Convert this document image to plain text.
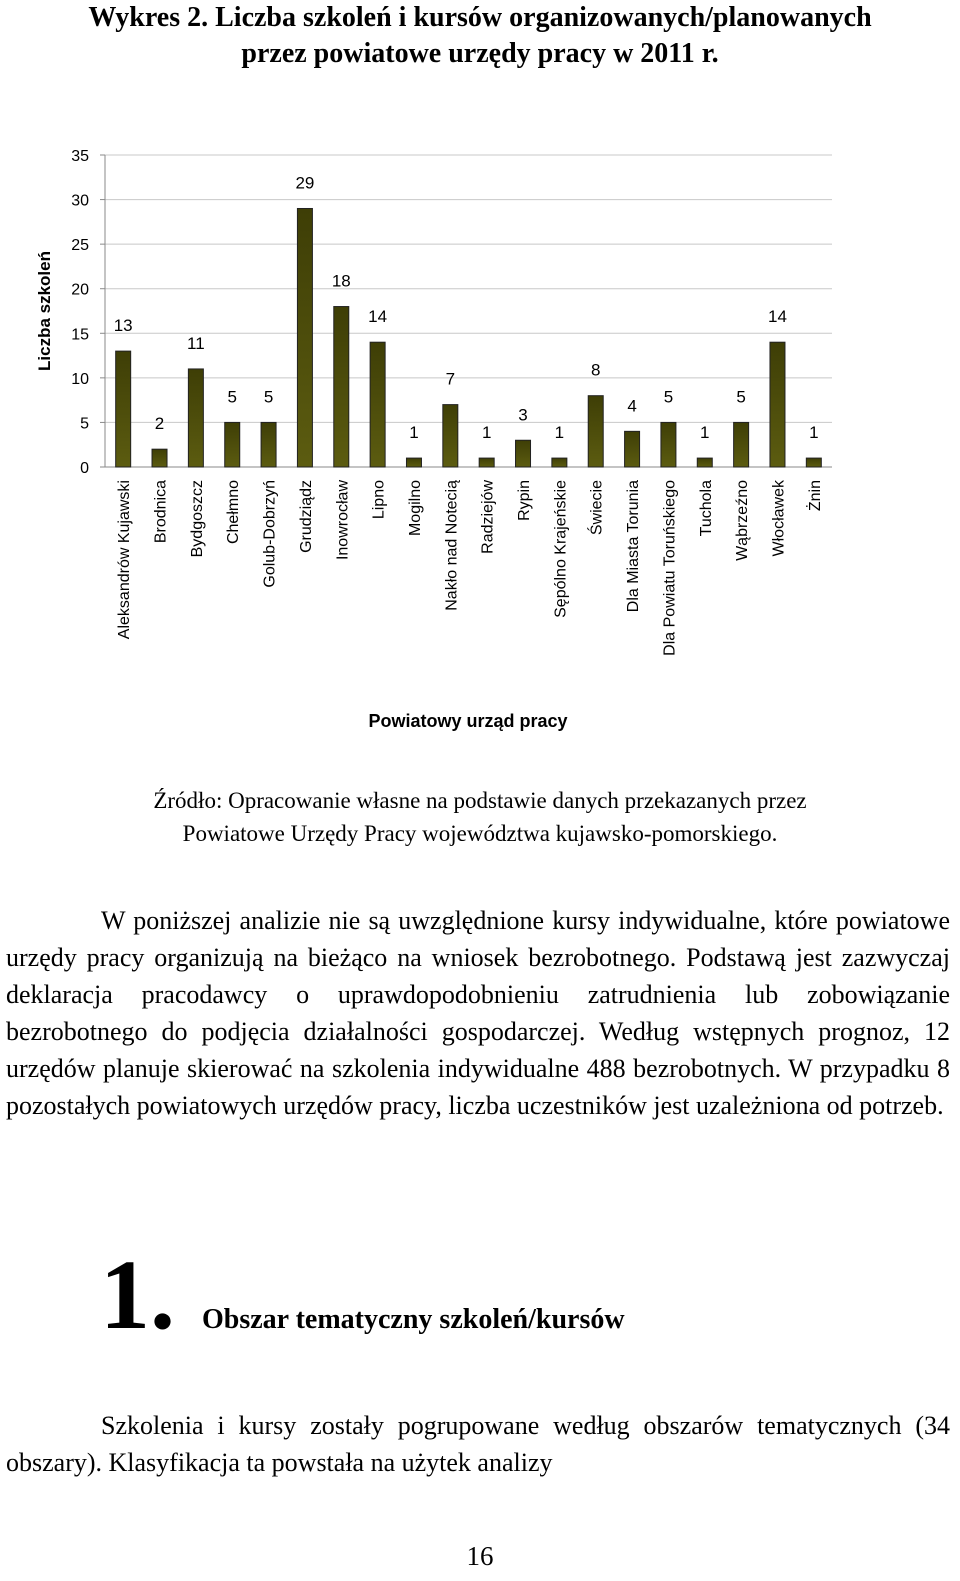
Wykres 2. Liczba szkoleń i kursów organizowanych/planowanych
przez powiatowe urzędy pracy w 2011 r.
0
5
10
15
20
25
30
35
13
2
11
5 5
29
18
14
1
7
1
3
1
8
4 5
1
5
14
1
Aleksandrów Kujawski Brodnica Bydgoszcz Chełmno Golub-Dobrzyń Grudziądz Inowrocław Lipno Mogilno Nakło nad Notecią Radziejów Rypin Sępólno Krajeńskie Świecie Dla Miasta Torunia Dla Powiatu Toruńskiego Tuchola Wąbrzeźno Włocławek Żnin
Liczba szkoleń
Powiatowy urząd pracy
Źródło: Opracowanie własne na podstawie danych przekazanych przez
Powiatowe Urzędy Pracy województwa kujawsko-pomorskiego.

W poniższej analizie nie są uwzględnione kursy indywidualne, które powiatowe urzędy pracy organizują na bieżąco na wniosek bezrobotnego. Podstawą jest zazwyczaj deklaracja pracodawcy o uprawdopodobnieniu zatrudnienia lub zobowiązanie bezrobotnego do podjęcia działalności gospodarczej. Według wstępnych prognoz, 12 urzędów planuje skierować na szkolenia indywidualne 488 bezrobotnych. W przypadku 8 pozostałych powiatowych urzędów pracy, liczba uczestników jest uzależniona od potrzeb.

1. Obszar tematyczny szkoleń/kursów

Szkolenia i kursy zostały pogrupowane według obszarów tematycznych (34 obszary). Klasyfikacja ta powstała na użytek analizy

16
